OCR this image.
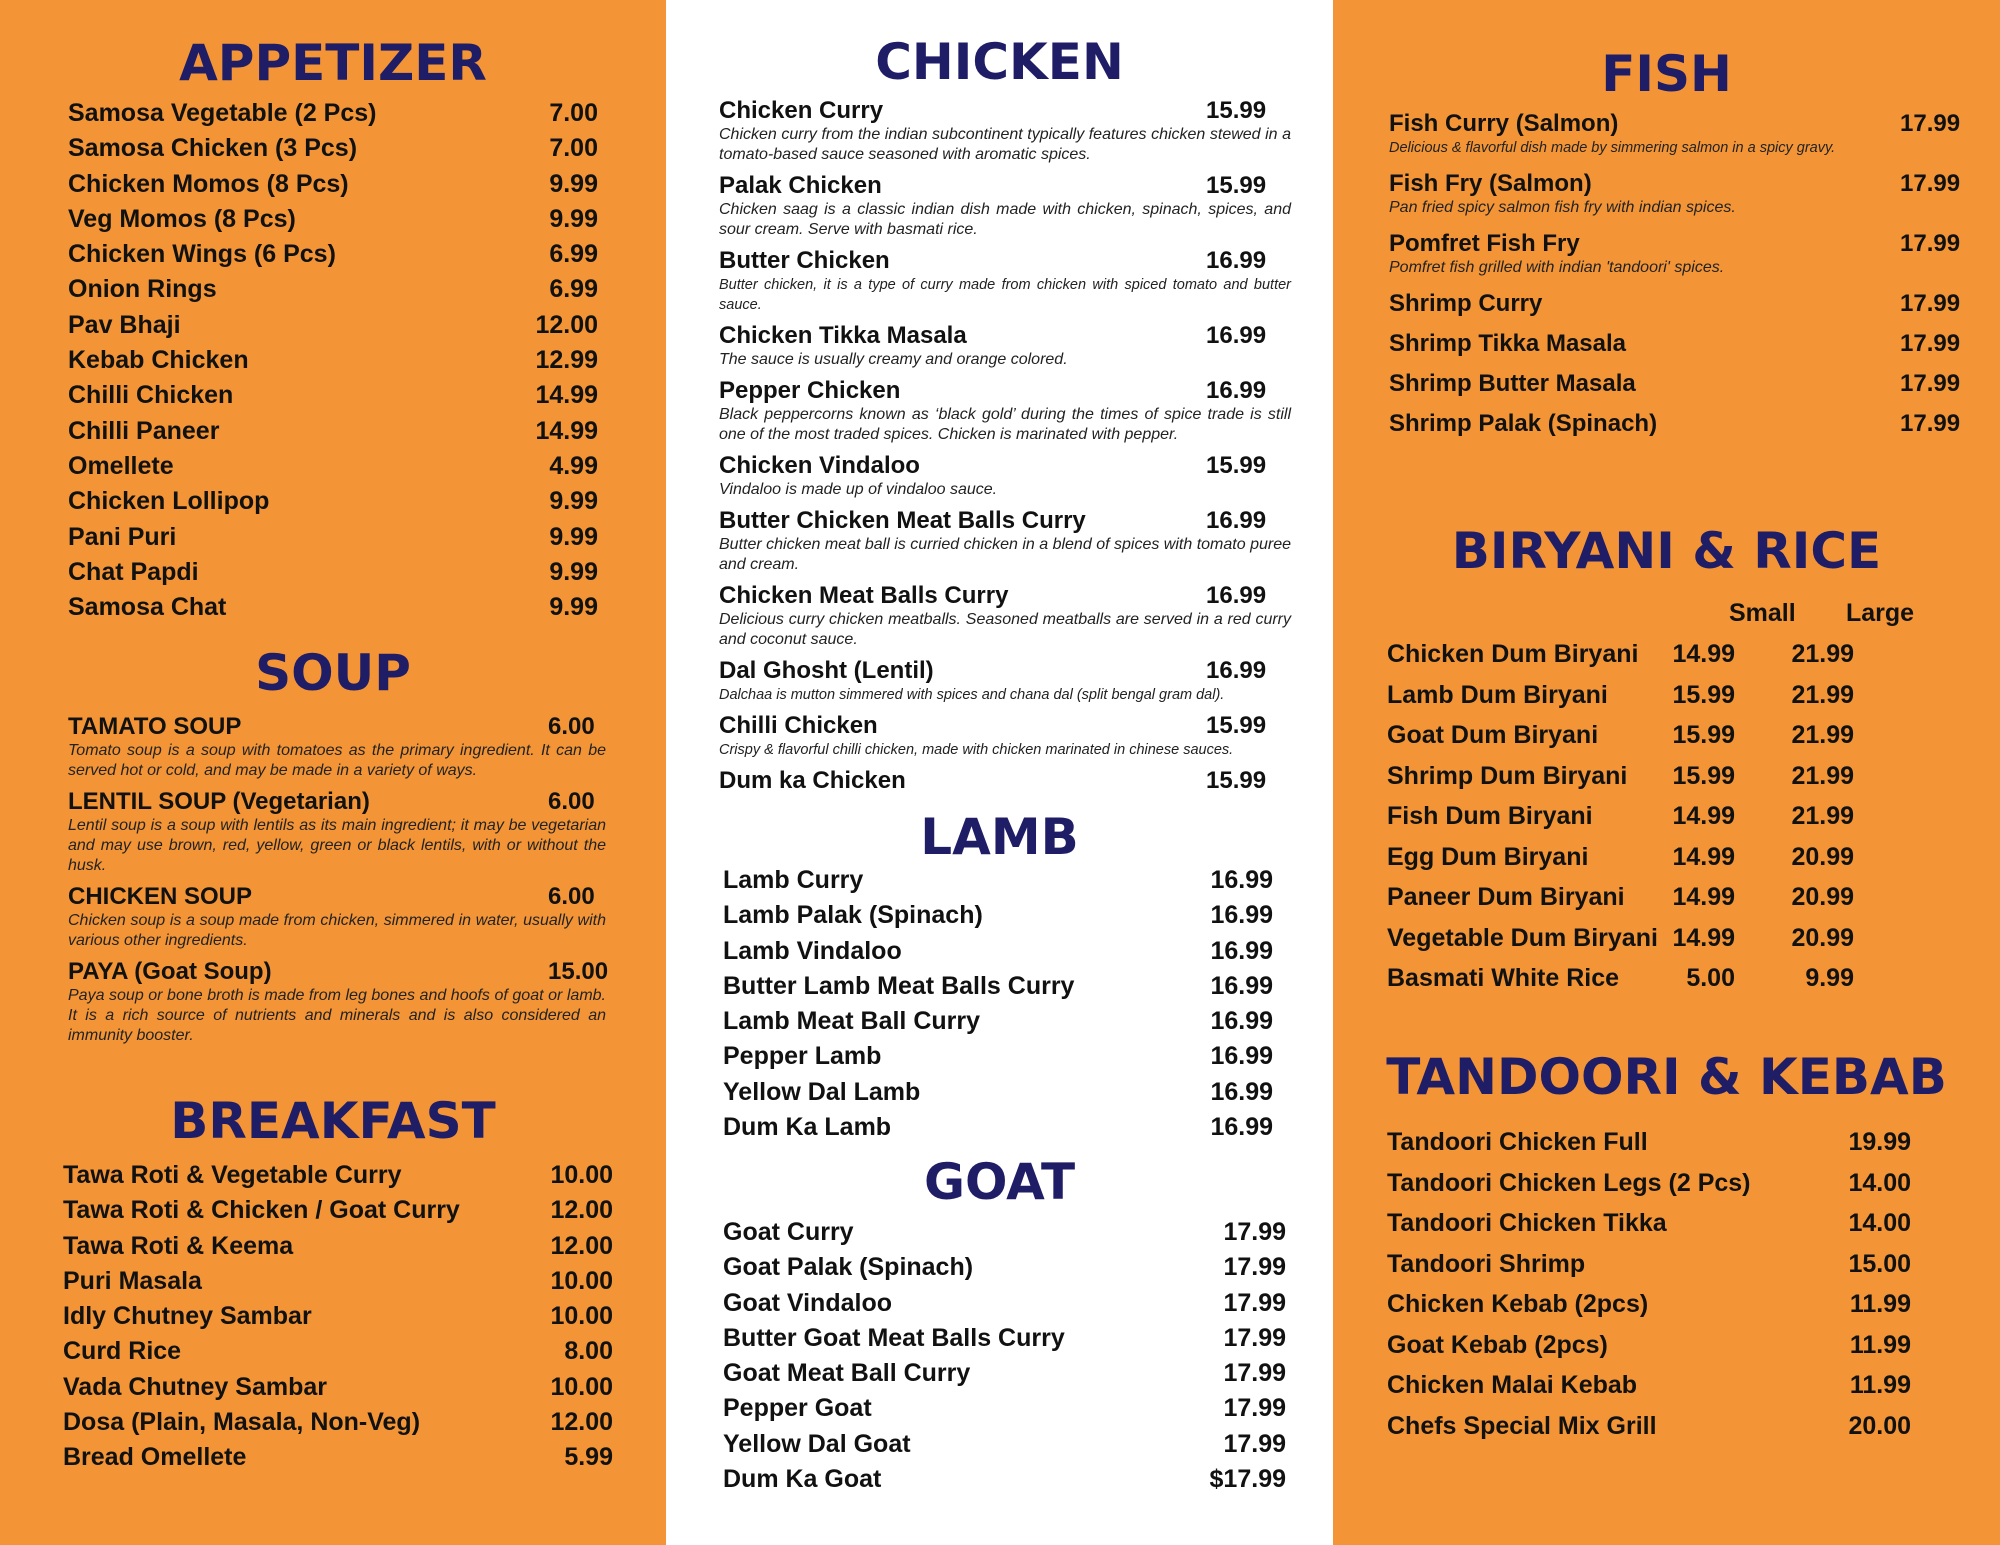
APPETIZER
Samosa Vegetable (2 Pcs)	7.00
Samosa Chicken (3 Pcs)	7.00
Chicken Momos (8 Pcs)	9.99
Veg Momos (8 Pcs)	9.99
Chicken Wings (6 Pcs)	6.99
Onion Rings	6.99
Pav Bhaji	12.00
Kebab Chicken	12.99
Chilli Chicken	14.99
Chilli Paneer	14.99
Omellete	4.99
Chicken Lollipop	9.99
Pani Puri	9.99
Chat Papdi	9.99
Samosa Chat	9.99
SOUP
TAMATO SOUP	6.00
Tomato soup is a soup with tomatoes as the primary ingredient. It can be served hot or cold, and may be made in a variety of ways.
LENTIL SOUP (Vegetarian)	6.00
Lentil soup is a soup with lentils as its main ingredient; it may be vegetarian and may use brown, red, yellow, green or black lentils, with or without the husk.
CHICKEN SOUP	6.00
Chicken soup is a soup made from chicken, simmered in water, usually with various other ingredients.
PAYA (Goat Soup)	15.00
Paya soup or bone broth is made from leg bones and hoofs of goat or lamb. It is a rich source of nutrients and minerals and is also considered an immunity booster.
BREAKFAST
Tawa Roti & Vegetable Curry	10.00
Tawa Roti & Chicken / Goat Curry	12.00
Tawa Roti & Keema	12.00
Puri Masala	10.00
Idly Chutney Sambar	10.00
Curd Rice	8.00
Vada Chutney Sambar	10.00
Dosa (Plain, Masala, Non-Veg)	12.00
Bread Omellete	5.99
CHICKEN
Chicken Curry	15.99
Chicken curry from the indian subcontinent typically features chicken stewed in a tomato-based sauce seasoned with aromatic spices.
Palak Chicken	15.99
Chicken saag is a classic indian dish made with chicken, spinach, spices, and sour cream. Serve with basmati rice.
Butter Chicken	16.99
Butter chicken, it is a type of curry made from chicken with spiced tomato and butter sauce.
Chicken Tikka Masala	16.99
The sauce is usually creamy and orange colored.
Pepper Chicken	16.99
Black peppercorns known as ‘black gold’ during the times of spice trade is still one of the most traded spices. Chicken is marinated with pepper.
Chicken Vindaloo	15.99
Vindaloo is made up of vindaloo sauce.
Butter Chicken Meat Balls Curry	16.99
Butter chicken meat ball is curried chicken in a blend of spices with tomato puree and cream.
Chicken Meat Balls Curry	16.99
Delicious curry chicken meatballs. Seasoned meatballs are served in a red curry and coconut sauce.
Dal Ghosht (Lentil)	16.99
Dalchaa is mutton simmered with spices and chana dal (split bengal gram dal).
Chilli Chicken	15.99
Crispy & flavorful chilli chicken, made with chicken marinated in chinese sauces.
Dum ka Chicken	15.99
LAMB
Lamb Curry	16.99
Lamb Palak (Spinach)	16.99
Lamb Vindaloo	16.99
Butter Lamb Meat Balls Curry	16.99
Lamb Meat Ball Curry	16.99
Pepper Lamb	16.99
Yellow Dal Lamb	16.99
Dum Ka Lamb	16.99
GOAT
Goat Curry	17.99
Goat Palak (Spinach)	17.99
Goat Vindaloo	17.99
Butter Goat Meat Balls Curry	17.99
Goat Meat Ball Curry	17.99
Pepper Goat	17.99
Yellow Dal Goat	17.99
Dum Ka Goat	$17.99
FISH
Fish Curry (Salmon)	17.99
Delicious & flavorful dish made by simmering salmon in a spicy gravy.
Fish Fry (Salmon)	17.99
Pan fried spicy salmon fish fry with indian spices.
Pomfret Fish Fry	17.99
Pomfret fish grilled with indian 'tandoori' spices.
Shrimp Curry	17.99
Shrimp Tikka Masala	17.99
Shrimp Butter Masala	17.99
Shrimp Palak (Spinach)	17.99
BIRYANI & RICE
Small Large
Chicken Dum Biryani 14.99 21.99
Lamb Dum Biryani	15.99 21.99
Goat Dum Biryani	15.99 21.99
Shrimp Dum Biryani 15.99 21.99
Fish Dum Biryani	14.99 21.99
Egg Dum Biryani	14.99 20.99
Paneer Dum Biryani 14.99 20.99
Vegetable Dum Biryani 14.99 20.99
Basmati White Rice	5.00	9.99
TANDOORI & KEBAB
Tandoori Chicken Full	19.99
Tandoori Chicken Legs (2 Pcs)	14.00
Tandoori Chicken Tikka	14.00
Tandoori Shrimp	15.00
Chicken Kebab (2pcs)	11.99
Goat Kebab (2pcs)	11.99
Chicken Malai Kebab	11.99
Chefs Special Mix Grill	20.00
